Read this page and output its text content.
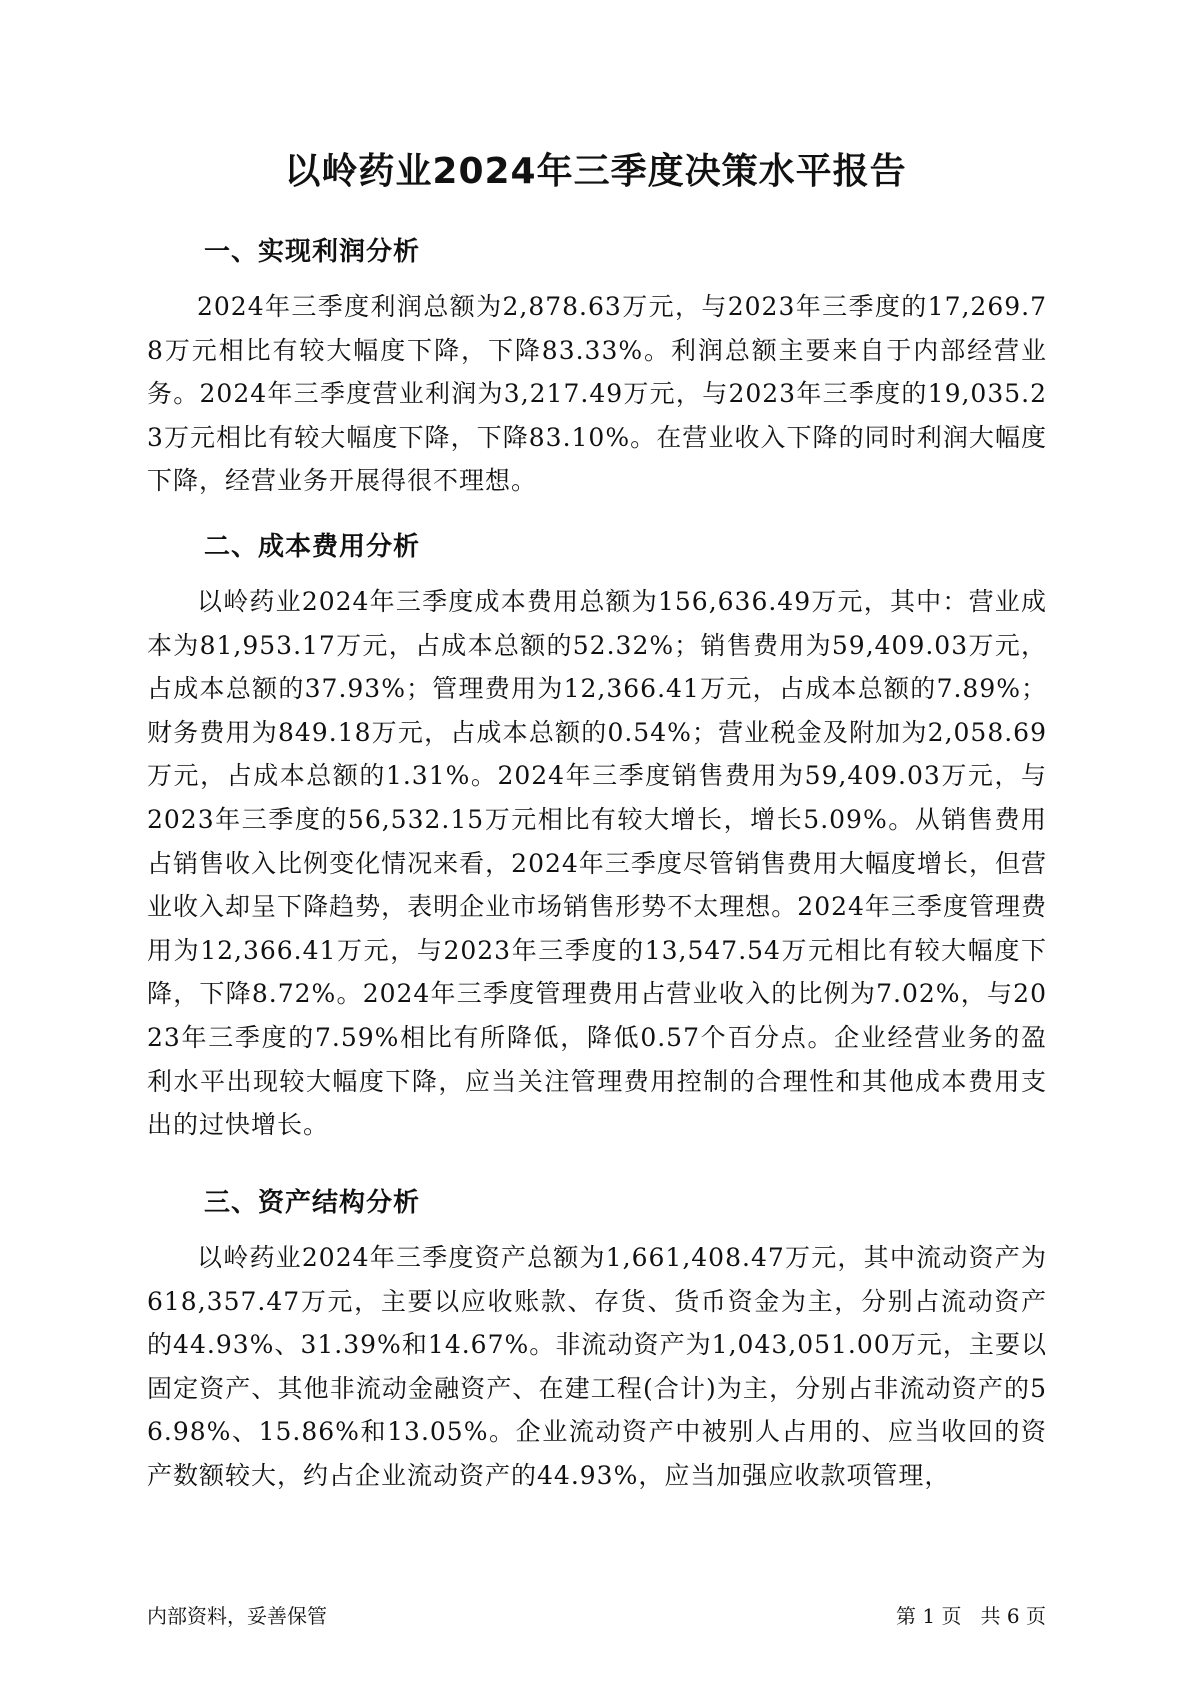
以岭药业2024年三季度决策水平报告
一、实现利润分析

2024年三季度利润总额为2,878.63万元，与2023年三季度的17,269.78万元相比有较大幅度下降，下降83.33%。利润总额主要来自于内部经营业务。2024年三季度营业利润为3,217.49万元，与2023年三季度的19,035.23万元相比有较大幅度下降，下降83.10%。在营业收入下降的同时利润大幅度下降，经营业务开展得很不理想。

二、成本费用分析

以岭药业2024年三季度成本费用总额为156,636.49万元，其中：营业成本为81,953.17万元，占成本总额的52.32%；销售费用为59,409.03万元，占成本总额的37.93%；管理费用为12,366.41万元，占成本总额的7.89%；财务费用为849.18万元，占成本总额的0.54%；营业税金及附加为2,058.69万元，占成本总额的1.31%。2024年三季度销售费用为59,409.03万元，与2023年三季度的56,532.15万元相比有较大增长，增长5.09%。从销售费用占销售收入比例变化情况来看，2024年三季度尽管销售费用大幅度增长，但营业收入却呈下降趋势，表明企业市场销售形势不太理想。2024年三季度管理费用为12,366.41万元，与2023年三季度的13,547.54万元相比有较大幅度下降，下降8.72%。2024年三季度管理费用占营业收入的比例为7.02%，与2023年三季度的7.59%相比有所降低，降低0.57个百分点。企业经营业务的盈利水平出现较大幅度下降，应当关注管理费用控制的合理性和其他成本费用支出的过快增长。

三、资产结构分析

以岭药业2024年三季度资产总额为1,661,408.47万元，其中流动资产为618,357.47万元，主要以应收账款、存货、货币资金为主，分别占流动资产的44.93%、31.39%和14.67%。非流动资产为1,043,051.00万元，主要以固定资产、其他非流动金融资产、在建工程(合计)为主，分别占非流动资产的56.98%、15.86%和13.05%。企业流动资产中被别人占用的、应当收回的资产数额较大，约占企业流动资产的44.93%，应当加强应收款项管理，

内部资料，妥善保管	第 1 页   共 6 页
